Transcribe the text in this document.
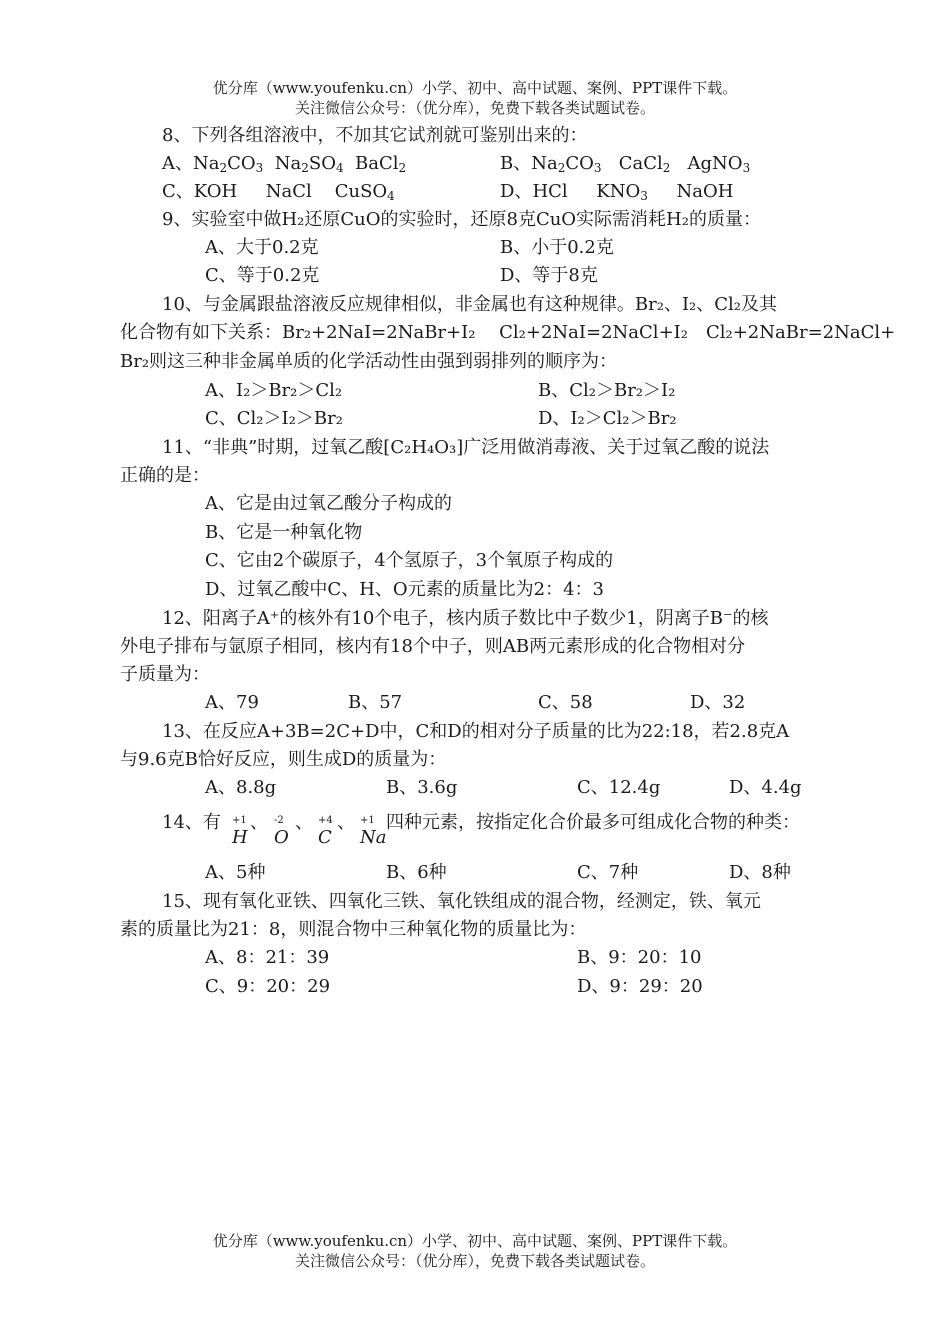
优分库（www.youfenku.cn）小学、初中、高中试题、案例、PPT课件下载。
关注微信公众号：（优分库），免费下载各类试题试卷。
8、下列各组溶液中，不加其它试剂就可鉴别出来的：
A、$Na_2CO_3$  $Na_2SO_4$  BaCl$_2$	B、$Na_2CO_3$   CaCl$_2$   AgNO$_3$
C、KOH     NaCl    CuSO$_4$	D、HCl     $KNO_3$     NaOH
9、实验室中做H₂还原CuO的实验时，还原8克CuO实际需消耗H₂的质量：
A、大于0.2克	B、小于0.2克
C、等于0.2克	D、等于8克
10、与金属跟盐溶液反应规律相似，非金属也有这种规律。Br₂、I₂、Cl₂及其
化合物有如下关系：Br₂+2NaI=2NaBr+I₂　 Cl₂+2NaI=2NaCl+I₂　Cl₂+2NaBr=2NaCl+
Br₂则这三种非金属单质的化学活动性由强到弱排列的顺序为：
A、I₂＞Br₂＞Cl₂	B、Cl₂＞Br₂＞I₂
C、Cl₂＞I₂＞Br₂	D、I₂＞Cl₂＞Br₂
11、“非典”时期，过氧乙酸[C₂H₄O₃]广泛用做消毒液、关于过氧乙酸的说法
正确的是：
A、它是由过氧乙酸分子构成的
B、它是一种氧化物
C、它由2个碳原子，4个氢原子，3个氧原子构成的
D、过氧乙酸中C、H、O元素的质量比为2：4：3
12、阳离子A⁺的核外有10个电子，核内质子数比中子数少1，阴离子B⁻的核
外电子排布与氩原子相同，核内有18个中子，则AB两元素形成的化合物相对分
子质量为：
A、79	B、57	C、58	D、32
13、在反应A+3B=2C+D中，C和D的相对分子质量的比为22:18，若2.8克A
与9.6克B恰好反应，则生成D的质量为：
A、8.8g	B、3.6g	C、12.4g	D、4.4g
14、有 +1
H
、 -2
O
、 +4
C
、 +1
Na
四种元素，按指定化合价最多可组成化合物的种类：
A、5种	B、6种	C、7种	D、8种
15、现有氧化亚铁、四氧化三铁、氧化铁组成的混合物，经测定，铁、氧元
素的质量比为21：8，则混合物中三种氧化物的质量比为：
A、8：21：39	B、9：20：10
C、9：20：29	D、9：29：20
优分库（www.youfenku.cn）小学、初中、高中试题、案例、PPT课件下载。
关注微信公众号：（优分库），免费下载各类试题试卷。
